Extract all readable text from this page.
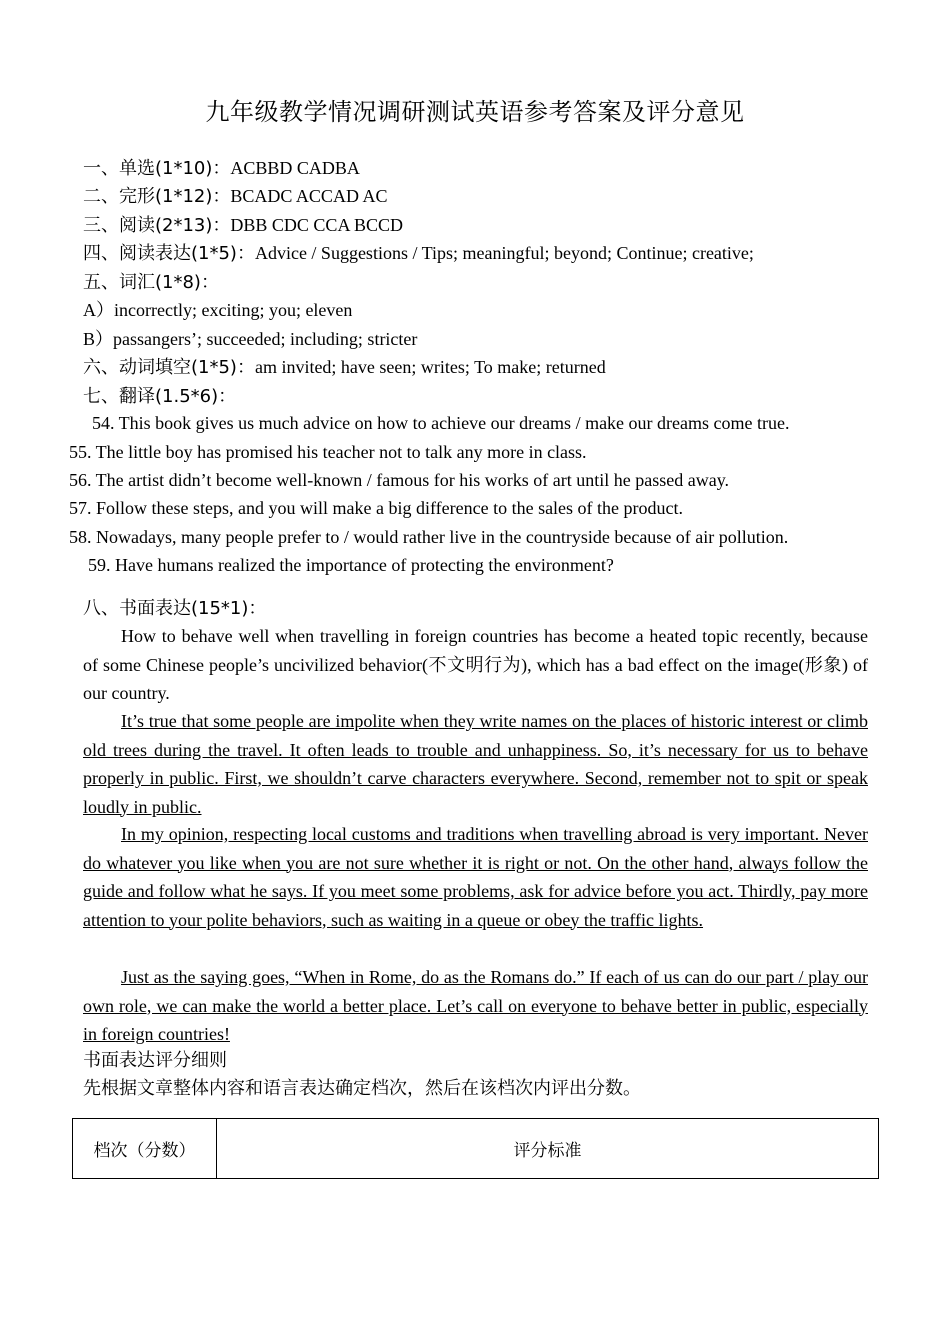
九年级教学情况调研测试英语参考答案及评分意见
一、单选(1*10)：ACBBD CADBA
二、完形(1*12)：BCADC ACCAD AC
三、阅读(2*13)：DBB CDC CCA BCCD
四、阅读表达(1*5)：Advice / Suggestions / Tips; meaningful; beyond; Continue; creative;
五、词汇(1*8)：
A）incorrectly; exciting; you; eleven
B）passangers’; succeeded; including; stricter
六、动词填空(1*5)：am invited; have seen; writes; To make; returned
七、翻译(1.5*6)：
54. This book gives us much advice on how to achieve our dreams / make our dreams come true.
55. The little boy has promised his teacher not to talk any more in class.
56. The artist didn’t become well-known / famous for his works of art until he passed away.
57. Follow these steps, and you will make a big difference to the sales of the product.
58. Nowadays, many people prefer to / would rather live in the countryside because of air pollution.
59. Have humans realized the importance of protecting the environment?
八、书面表达(15*1)：
How to behave well when travelling in foreign countries has become a heated topic recently, because of some Chinese people’s uncivilized behavior(不文明行为), which has a bad effect on the image(形象) of our country.
It’s true that some people are impolite when they write names on the places of historic interest or climb old trees during the travel. It often leads to trouble and unhappiness. So, it’s necessary for us to behave properly in public. First, we shouldn’t carve characters everywhere. Second, remember not to spit or speak loudly in public.
In my opinion, respecting local customs and traditions when travelling abroad is very important. Never do whatever you like when you are not sure whether it is right or not. On the other hand, always follow the guide and follow what he says. If you meet some problems, ask for advice before you act. Thirdly, pay more attention to your polite behaviors, such as waiting in a queue or obey the traffic lights.
Just as the saying goes, “When in Rome, do as the Romans do.” If each of us can do our part / play our own role, we can make the world a better place. Let’s call on everyone to behave better in public, especially in foreign countries!
书面表达评分细则
先根据文章整体内容和语言表达确定档次，然后在该档次内评出分数。
档次（分数）	评分标准
